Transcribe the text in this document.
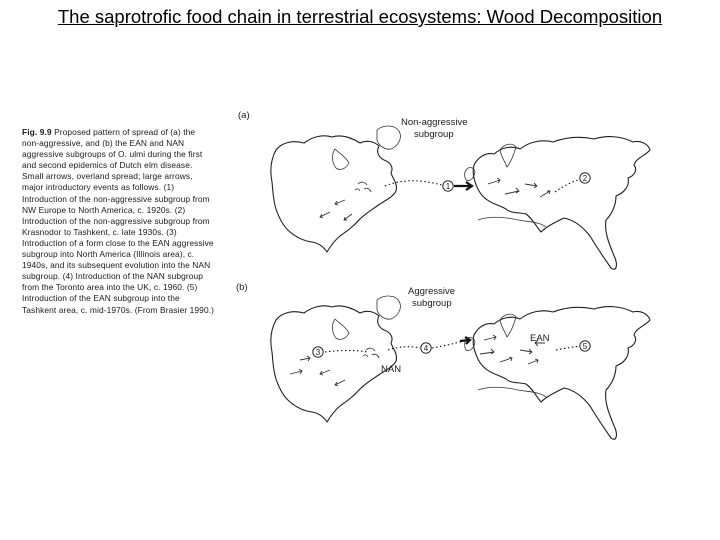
The saprotrofic food chain in terrestrial ecosystems: Wood Decomposition
Fig. 9.9 Proposed pattern of spread of (a) the non-aggressive, and (b) the EAN and NAN aggressive subgroups of O. ulmi during the first and second epidemics of Dutch elm disease. Small arrows, overland spread; large arrows, major introductory events as follows. (1) Introduction of the non-aggressive subgroup from NW Europe to North America, c. 1920s. (2) Introduction of the non-aggressive subgroup from Krasnodor to Tashkent, c. late 1930s. (3) Introduction of a form close to the EAN aggressive subgroup into North America (Illinois area), c. 1940s, and its subsequent evolution into the NAN subgroup. (4) Introduction of the NAN subgroup from the Toronto area into the UK, c. 1960. (5) Introduction of the EAN subgroup into the Tashkent area, c. mid-1970s. (From Brasier 1990.)
(a)
Non-aggressive
subgroup
1
2
(b)	Aggressive
subgroup
3	4	5
NAN
EAN
